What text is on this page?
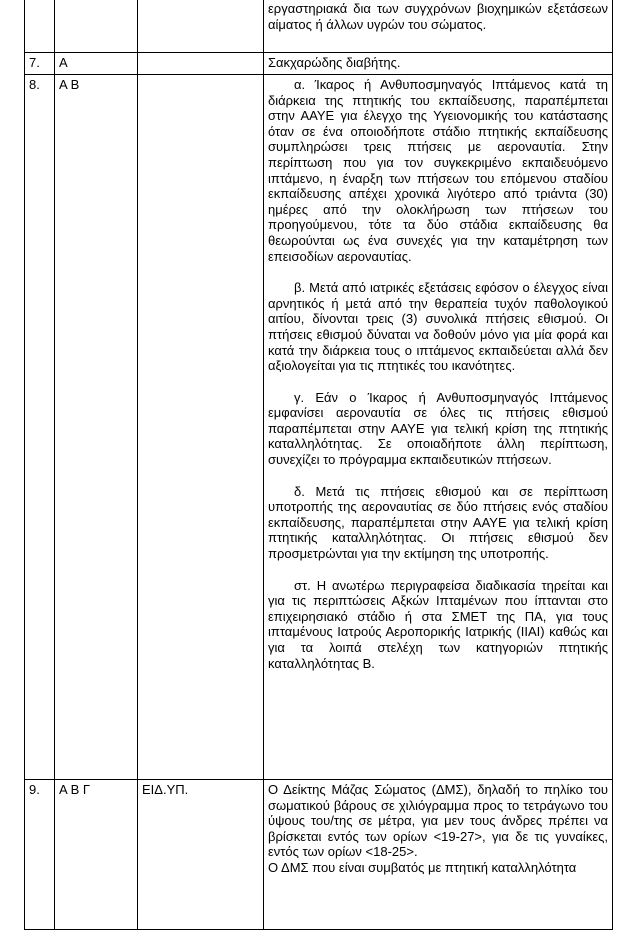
			εργαστηριακά δια των συγχρόνων βιοχημικών εξετάσεων αίματος ή άλλων υγρών του σώματος.

7.	Α		Σακχαρώδης διαβήτης.

8.	Α Β		α. Ίκαρος ή Ανθυποσμηναγός Ιπτάμενος κατά τη διάρκεια της πτητικής του εκπαίδευσης, παραπέμπεται στην ΑΑΥΕ για έλεγχο της Υγειονομικής του κατάστασης όταν σε ένα οποιοδήποτε στάδιο πτητικής εκπαίδευσης συμπληρώσει τρεις πτήσεις με αεροναυτία. Στην περίπτωση που για τον συγκεκριμένο εκπαιδευόμενο ιπτάμενο, η έναρξη των πτήσεων του επόμενου σταδίου εκπαίδευσης απέχει χρονικά λιγότερο από τριάντα (30) ημέρες από την ολοκλήρωση των πτήσεων του προηγούμενου, τότε τα δύο στάδια εκπαίδευσης θα θεωρούνται ως ένα συνεχές για την καταμέτρηση των επεισοδίων αεροναυτίας.

β. Μετά από ιατρικές εξετάσεις εφόσον ο έλεγχος είναι αρνητικός ή μετά από την θεραπεία τυχόν παθολογικού αιτίου, δίνονται τρεις (3) συνολικά πτήσεις εθισμού. Οι πτήσεις εθισμού δύναται να δοθούν μόνο για μία φορά και κατά την διάρκεια τους ο ιπτάμενος εκπαιδεύεται αλλά δεν αξιολογείται για τις πτητικές του ικανότητες.

γ. Εάν ο Ίκαρος ή Ανθυποσμηναγός Ιπτάμενος εμφανίσει αεροναυτία σε όλες τις πτήσεις εθισμού παραπέμπεται στην ΑΑΥΕ για τελική κρίση της πτητικής καταλληλότητας. Σε οποιαδήποτε άλλη περίπτωση, συνεχίζει το πρόγραμμα εκπαιδευτικών πτήσεων.

δ. Μετά τις πτήσεις εθισμού και σε περίπτωση υποτροπής της αεροναυτίας σε δύο πτήσεις ενός σταδίου εκπαίδευσης, παραπέμπεται στην ΑΑΥΕ για τελική κρίση πτητικής καταλληλότητας. Οι πτήσεις εθισμού δεν προσμετρώνται για την εκτίμηση της υποτροπής.

στ. Η ανωτέρω περιγραφείσα διαδικασία τηρείται και για τις περιπτώσεις Αξκών Ιπταμένων που ίπτανται στο επιχειρησιακό στάδιο ή στα ΣΜΕΤ της ΠΑ, για τους ιπταμένους Ιατρούς Αεροπορικής Ιατρικής (ΙΙΑΙ) καθώς και για τα λοιπά στελέχη των κατηγοριών πτητικής καταλληλότητας Β.

9.	Α Β Γ	ΕΙΔ.ΥΠ.	Ο Δείκτης Μάζας Σώματος (ΔΜΣ), δηλαδή το πηλίκο του σωματικού βάρους σε χιλιόγραμμα προς το τετράγωνο του ύψους του/της σε μέτρα, για μεν τους άνδρες πρέπει να βρίσκεται εντός των ορίων <19-27>, για δε τις γυναίκες, εντός των ορίων <18-25>.

Ο ΔΜΣ που είναι συμβατός με πτητική καταλληλότητα
